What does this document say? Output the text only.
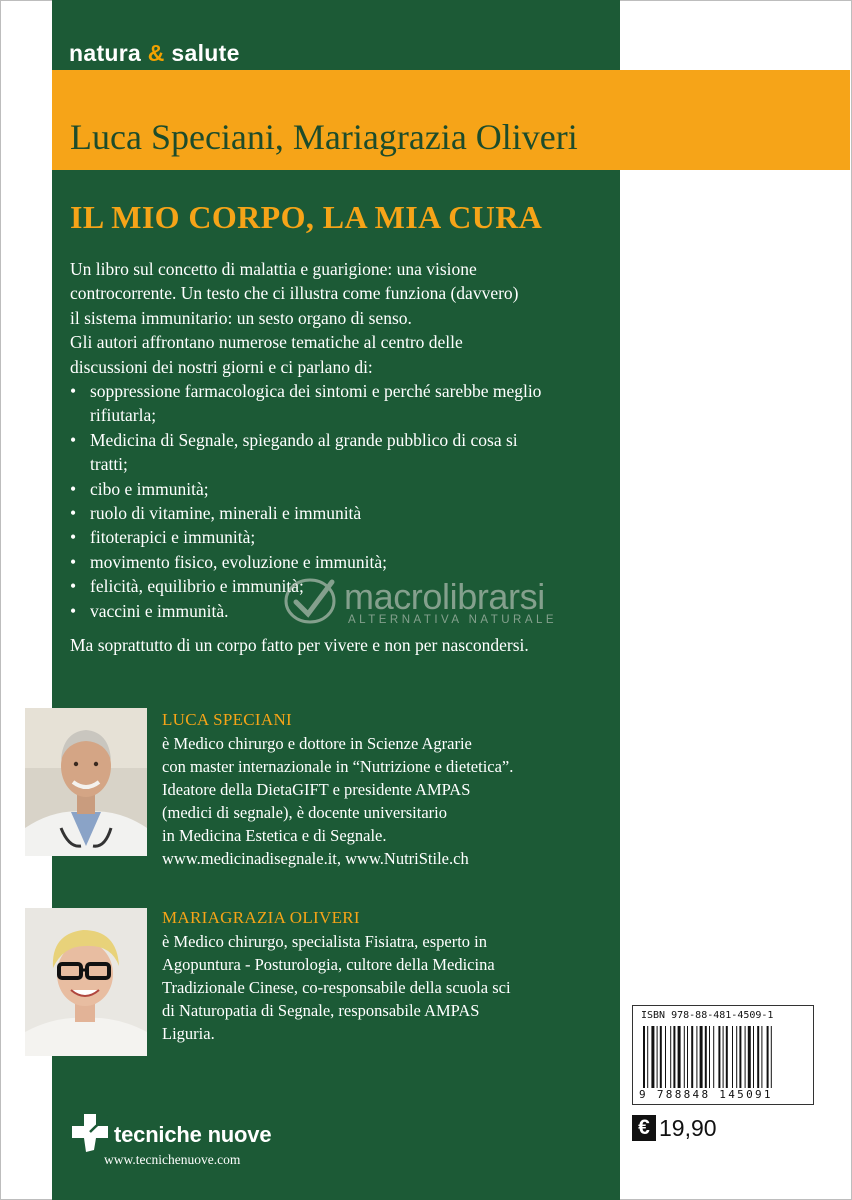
natura & salute
Luca Speciani, Mariagrazia Oliveri
IL MIO CORPO, LA MIA CURA

Un libro sul concetto di malattia e guarigione: una visione

controcorrente. Un testo che ci illustra come funziona (davvero)

il sistema immunitario: un sesto organo di senso.

Gli autori affrontano numerose tematiche al centro delle

discussioni dei nostri giorni e ci parlano di:

• soppressione farmacologica dei sintomi e perché sarebbe meglio rifiutarla;
• Medicina di Segnale, spiegando al grande pubblico di cosa si tratti;
• cibo e immunità;
• ruolo di vitamine, minerali e immunità
• fitoterapici e immunità;
• movimento fisico, evoluzione e immunità;
• felicità, equilibrio e immunità;
• vaccini e immunità.
Ma soprattutto di un corpo fatto per vivere e non per nascondersi.
macrolibrarsi
ALTERNATIVA NATURALE

LUCA SPECIANI

è Medico chirurgo e dottore in Scienze Agrarie

con master internazionale in “Nutrizione e dietetica”.

Ideatore della DietaGIFT e presidente AMPAS

(medici di segnale), è docente universitario

in Medicina Estetica e di Segnale.

www.medicinadisegnale.it, www.NutriStile.ch

MARIAGRAZIA OLIVERI

è Medico chirurgo, specialista Fisiatra, esperto in

Agopuntura - Posturologia, cultore della Medicina

Tradizionale Cinese, co-responsabile della scuola sci

di Naturopatia di Segnale, responsabile AMPAS

Liguria.

tecniche nuove
www.tecnichenuove.com
ISBN 978-88-481-4509-1
9 788848 145091
€ 19,90
